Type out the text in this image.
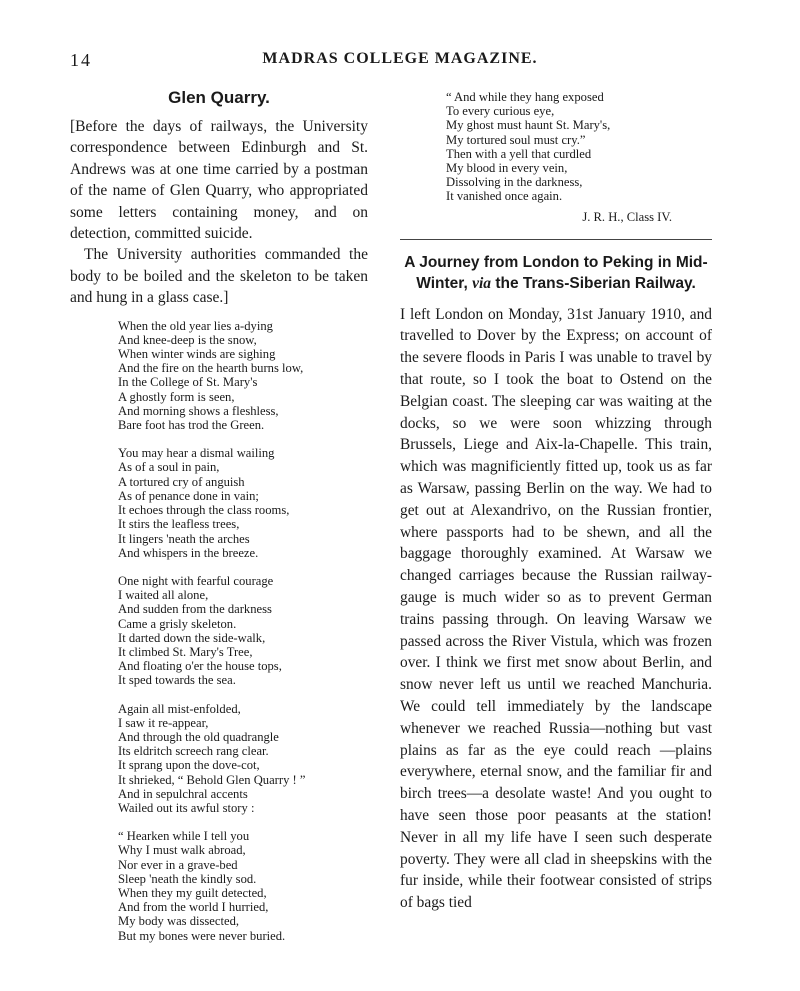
14	MADRAS COLLEGE MAGAZINE.
Glen Quarry.

[Before the days of railways, the University correspondence between Edinburgh and St. Andrews was at one time carried by a postman of the name of Glen Quarry, who appropriated some letters containing money, and on detection, committed suicide.

The University authorities commanded the body to be boiled and the skeleton to be taken and hung in a glass case.]

When the old year lies a-dying
And knee-deep is the snow,
When winter winds are sighing
And the fire on the hearth burns low,
In the College of St. Mary's
A ghostly form is seen,
And morning shows a fleshless,
Bare foot has trod the Green.
You may hear a dismal wailing
As of a soul in pain,
A tortured cry of anguish
As of penance done in vain;
It echoes through the class rooms,
It stirs the leafless trees,
It lingers 'neath the arches
And whispers in the breeze.
One night with fearful courage
I waited all alone,
And sudden from the darkness
Came a grisly skeleton.
It darted down the side-walk,
It climbed St. Mary's Tree,
And floating o'er the house tops,
It sped towards the sea.
Again all mist-enfolded,
I saw it re-appear,
And through the old quadrangle
Its eldritch screech rang clear.
It sprang upon the dove-cot,
It shrieked, “ Behold Glen Quarry ! ”
And in sepulchral accents
Wailed out its awful story :
“ Hearken while I tell you
Why I must walk abroad,
Nor ever in a grave-bed
Sleep 'neath the kindly sod.
When they my guilt detected,
And from the world I hurried,
My body was dissected,
But my bones were never buried.
“ And while they hang exposed
To every curious eye,
My ghost must haunt St. Mary's,
My tortured soul must cry.”
Then with a yell that curdled
My blood in every vein,
Dissolving in the darkness,
It vanished once again.
J. R. H., Class IV.
A Journey from London to Peking in Mid-Winter, via the Trans-Siberian Railway.

I left London on Monday, 31st January 1910, and travelled to Dover by the Express; on account of the severe floods in Paris I was unable to travel by that route, so I took the boat to Ostend on the Belgian coast. The sleeping car was waiting at the docks, so we were soon whizzing through Brussels, Liege and Aix-la-Chapelle. This train, which was magnificiently fitted up, took us as far as Warsaw, passing Berlin on the way. We had to get out at Alexandrivo, on the Russian frontier, where passports had to be shewn, and all the baggage thoroughly examined. At Warsaw we changed carriages because the Russian railway-gauge is much wider so as to prevent German trains passing through. On leaving Warsaw we passed across the River Vistula, which was frozen over. I think we first met snow about Berlin, and snow never left us until we reached Manchuria. We could tell immediately by the landscape whenever we reached Russia—nothing but vast plains as far as the eye could reach —plains everywhere, eternal snow, and the familiar fir and birch trees—a desolate waste! And you ought to have seen those poor peasants at the station! Never in all my life have I seen such desperate poverty. They were all clad in sheepskins with the fur inside, while their footwear consisted of strips of bags tied
